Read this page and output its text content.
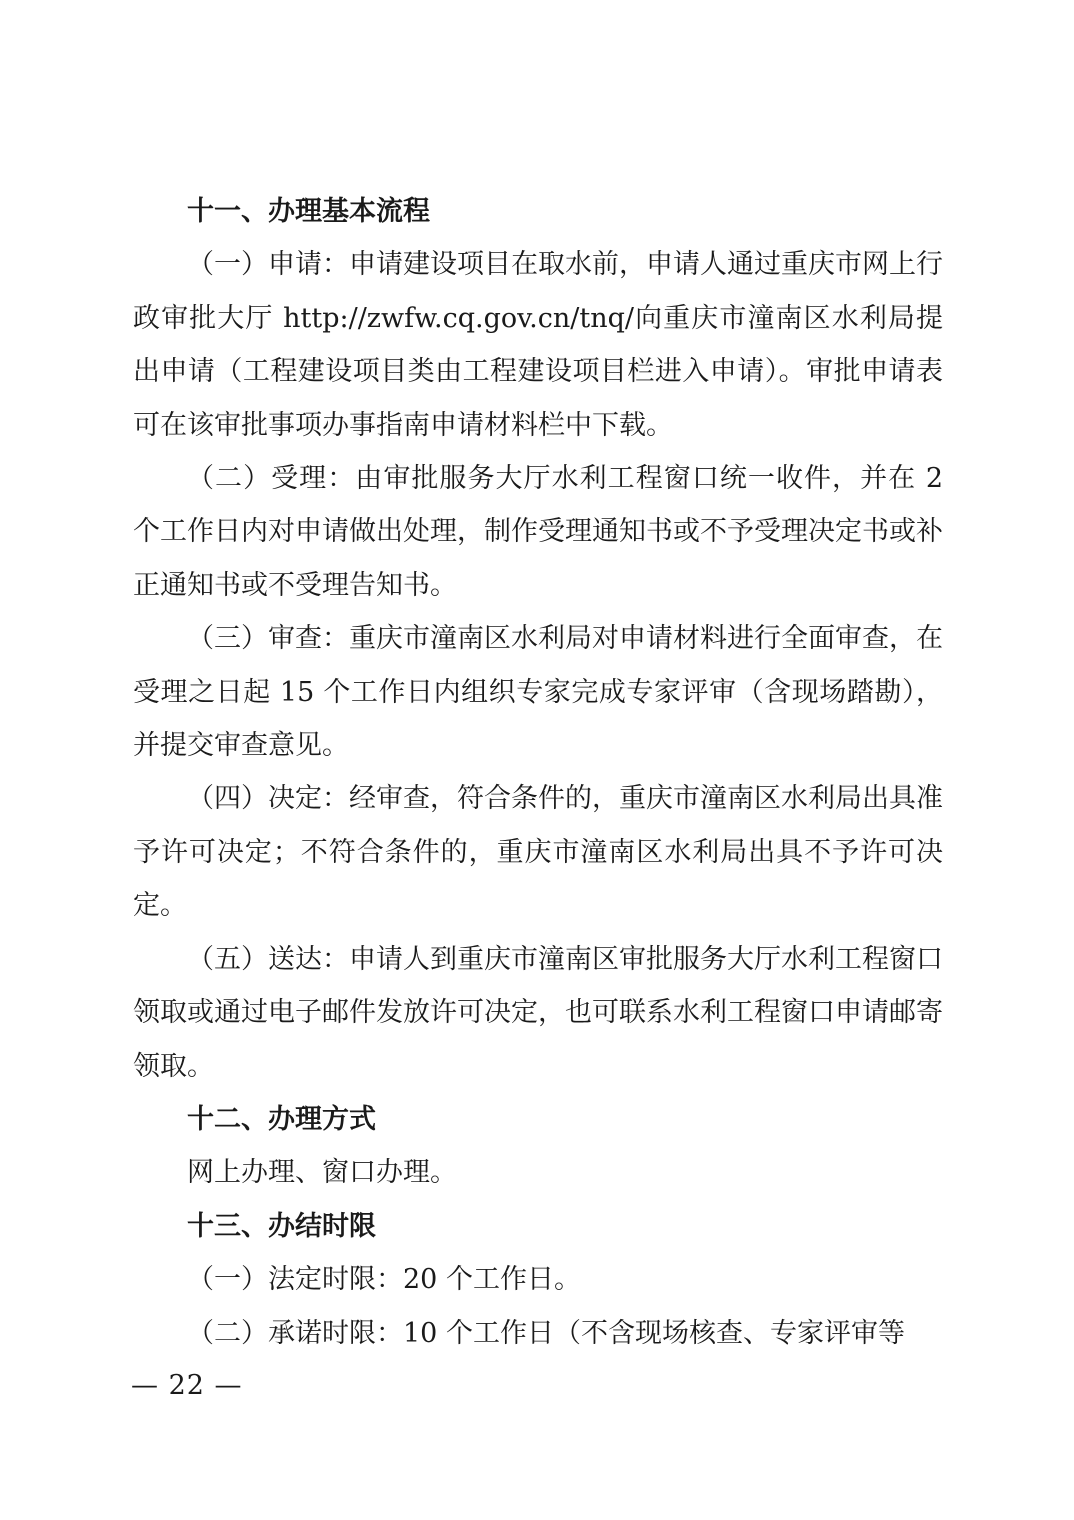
十一、办理基本流程

（一）申请：申请建设项目在取水前，申请人通过重庆市网上行政审批大厅 http://zwfw.cq.gov.cn/tnq/向重庆市潼南区水利局提出申请（工程建设项目类由工程建设项目栏进入申请）。审批申请表可在该审批事项办事指南申请材料栏中下载。

（二）受理：由审批服务大厅水利工程窗口统一收件，并在 2 个工作日内对申请做出处理，制作受理通知书或不予受理决定书或补正通知书或不受理告知书。

（三）审查：重庆市潼南区水利局对申请材料进行全面审查，在受理之日起 15 个工作日内组织专家完成专家评审（含现场踏勘），并提交审查意见。

（四）决定：经审查，符合条件的，重庆市潼南区水利局出具准予许可决定；不符合条件的，重庆市潼南区水利局出具不予许可决定。

（五）送达：申请人到重庆市潼南区审批服务大厅水利工程窗口领取或通过电子邮件发放许可决定，也可联系水利工程窗口申请邮寄领取。

十二、办理方式

网上办理、窗口办理。

十三、办结时限

（一）法定时限：20 个工作日。

（二）承诺时限：10 个工作日（不含现场核查、专家评审等

— 22 —
